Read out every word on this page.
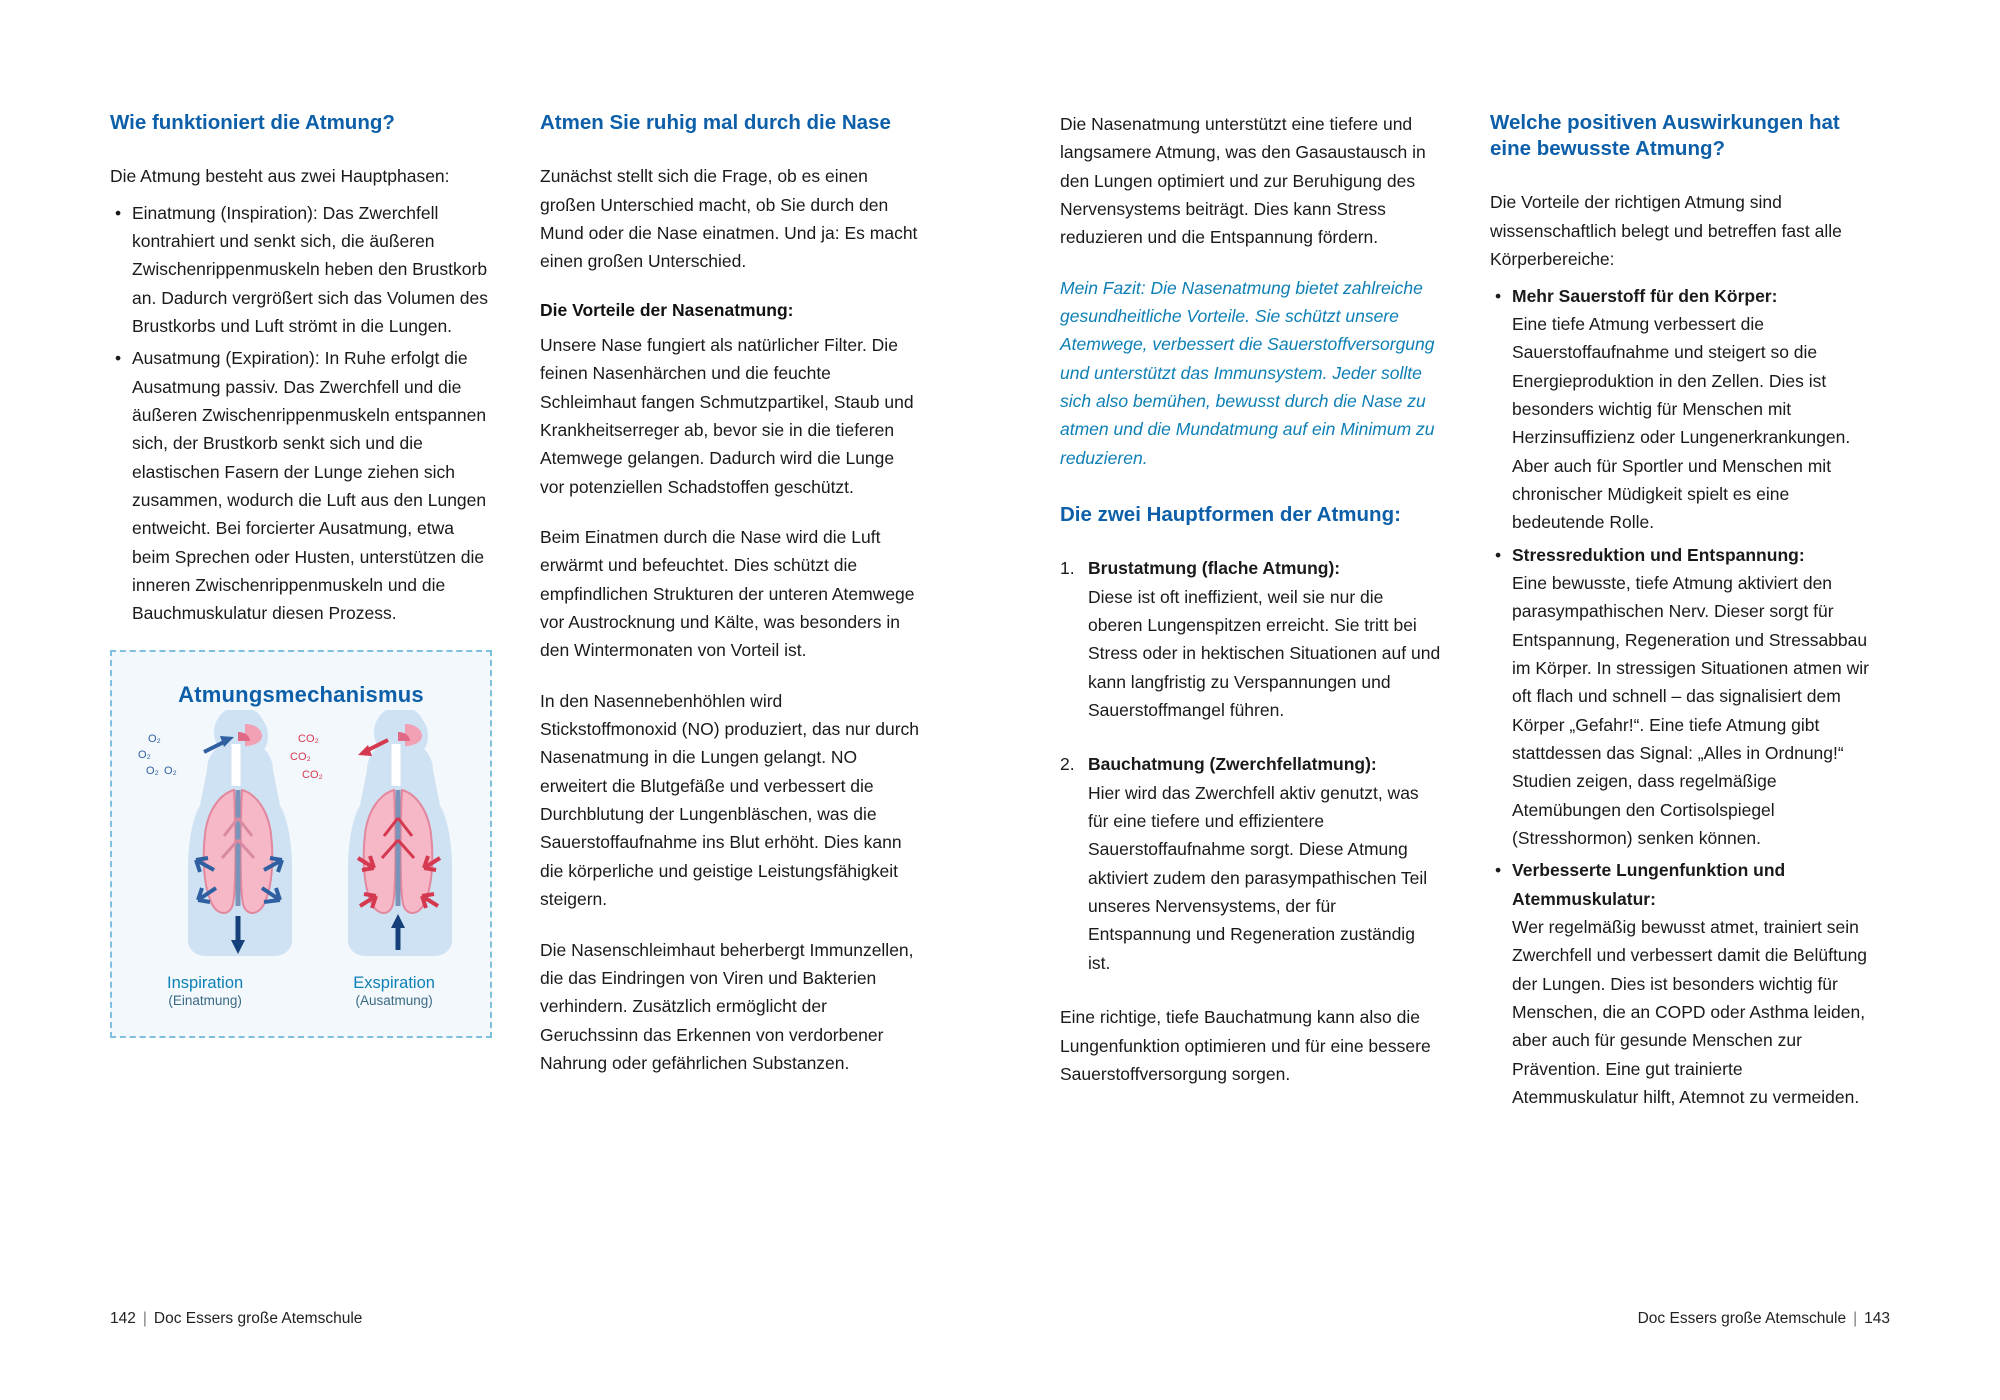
Wie funktioniert die Atmung?

Die Atmung besteht aus zwei Hauptphasen:

• Einatmung (Inspiration): Das Zwerchfell kontrahiert und senkt sich, die äußeren Zwischenrippenmuskeln heben den Brustkorb an. Dadurch vergrößert sich das Volumen des Brustkorbs und Luft strömt in die Lungen.
• Ausatmung (Expiration): In Ruhe erfolgt die Ausatmung passiv. Das Zwerchfell und die äußeren Zwischenrippenmuskeln entspannen sich, der Brustkorb senkt sich und die elastischen Fasern der Lunge ziehen sich zusammen, wodurch die Luft aus den Lungen entweicht. Bei forcierter Ausatmung, etwa beim Sprechen oder Husten, unterstützen die inneren Zwischenrippenmuskeln und die Bauchmuskulatur diesen Prozess.
Atmungsmechanismus
O₂
O₂
O₂ O₂
CO₂
CO₂
CO₂
Inspiration
(Einatmung)
Exspiration
(Ausatmung)
Atmen Sie ruhig mal durch die Nase

Zunächst stellt sich die Frage, ob es einen großen Unterschied macht, ob Sie durch den Mund oder die Nase einatmen. Und ja: Es macht einen großen Unterschied.

Die Vorteile der Nasenatmung:

Unsere Nase fungiert als natürlicher Filter. Die feinen Nasenhärchen und die feuchte Schleimhaut fangen Schmutzpartikel, Staub und Krankheitserreger ab, bevor sie in die tieferen Atemwege gelangen. Dadurch wird die Lunge vor potenziellen Schadstoffen geschützt.

Beim Einatmen durch die Nase wird die Luft erwärmt und befeuchtet. Dies schützt die empfindlichen Strukturen der unteren Atemwege vor Austrocknung und Kälte, was besonders in den Wintermonaten von Vorteil ist.

In den Nasennebenhöhlen wird Stickstoffmonoxid (NO) produziert, das nur durch Nasenatmung in die Lungen gelangt. NO erweitert die Blutgefäße und verbessert die Durchblutung der Lungenbläschen, was die Sauerstoffaufnahme ins Blut erhöht. Dies kann die körperliche und geistige Leistungsfähigkeit steigern.

Die Nasenschleimhaut beherbergt Immunzellen, die das Eindringen von Viren und Bakterien verhindern. Zusätzlich ermöglicht der Geruchssinn das Erkennen von verdorbener Nahrung oder gefährlichen Substanzen.

142 | Doc Essers große Atemschule

Die Nasenatmung unterstützt eine tiefere und langsamere Atmung, was den Gasaustausch in den Lungen optimiert und zur Beruhigung des Nervensystems beiträgt. Dies kann Stress reduzieren und die Entspannung fördern.

Mein Fazit: Die Nasenatmung bietet zahlreiche gesundheitliche Vorteile. Sie schützt unsere Atemwege, verbessert die Sauerstoffversorgung und unterstützt das Immunsystem. Jeder sollte sich also bemühen, bewusst durch die Nase zu atmen und die Mundatmung auf ein Minimum zu reduzieren.

Die zwei Hauptformen der Atmung:
Brustatmung (flache Atmung):
Diese ist oft ineffizient, weil sie nur die oberen Lungenspitzen erreicht. Sie tritt bei Stress oder in hektischen Situationen auf und kann langfristig zu Verspannungen und Sauerstoffmangel führen.
Bauchatmung (Zwerchfellatmung):
Hier wird das Zwerchfell aktiv genutzt, was für eine tiefere und effizientere Sauerstoffaufnahme sorgt. Diese Atmung aktiviert zudem den parasympathischen Teil unseres Nervensystems, der für Entspannung und Regeneration zuständig ist.

Eine richtige, tiefe Bauchatmung kann also die Lungenfunktion optimieren und für eine bessere Sauerstoffversorgung sorgen.

Welche positiven Auswirkungen hat eine bewusste Atmung?

Die Vorteile der richtigen Atmung sind wissenschaftlich belegt und betreffen fast alle Körperbereiche:

• Mehr Sauerstoff für den Körper:
Eine tiefe Atmung verbessert die Sauerstoffaufnahme und steigert so die Energieproduktion in den Zellen. Dies ist besonders wichtig für Menschen mit Herzinsuffizienz oder Lungenerkrankungen. Aber auch für Sportler und Menschen mit chronischer Müdigkeit spielt es eine bedeutende Rolle.
• Stressreduktion und Entspannung:
Eine bewusste, tiefe Atmung aktiviert den parasympathischen Nerv. Dieser sorgt für Entspannung, Regeneration und Stressabbau im Körper. In stressigen Situationen atmen wir oft flach und schnell – das signalisiert dem Körper „Gefahr!“. Eine tiefe Atmung gibt stattdessen das Signal: „Alles in Ordnung!“ Studien zeigen, dass regelmäßige Atemübungen den Cortisolspiegel (Stresshormon) senken können.
• Verbesserte Lungenfunktion und Atemmuskulatur:
Wer regelmäßig bewusst atmet, trainiert sein Zwerchfell und verbessert damit die Belüftung der Lungen. Dies ist besonders wichtig für Menschen, die an COPD oder Asthma leiden, aber auch für gesunde Menschen zur Prävention. Eine gut trainierte Atemmuskulatur hilft, Atemnot zu vermeiden.
Doc Essers große Atemschule | 143
